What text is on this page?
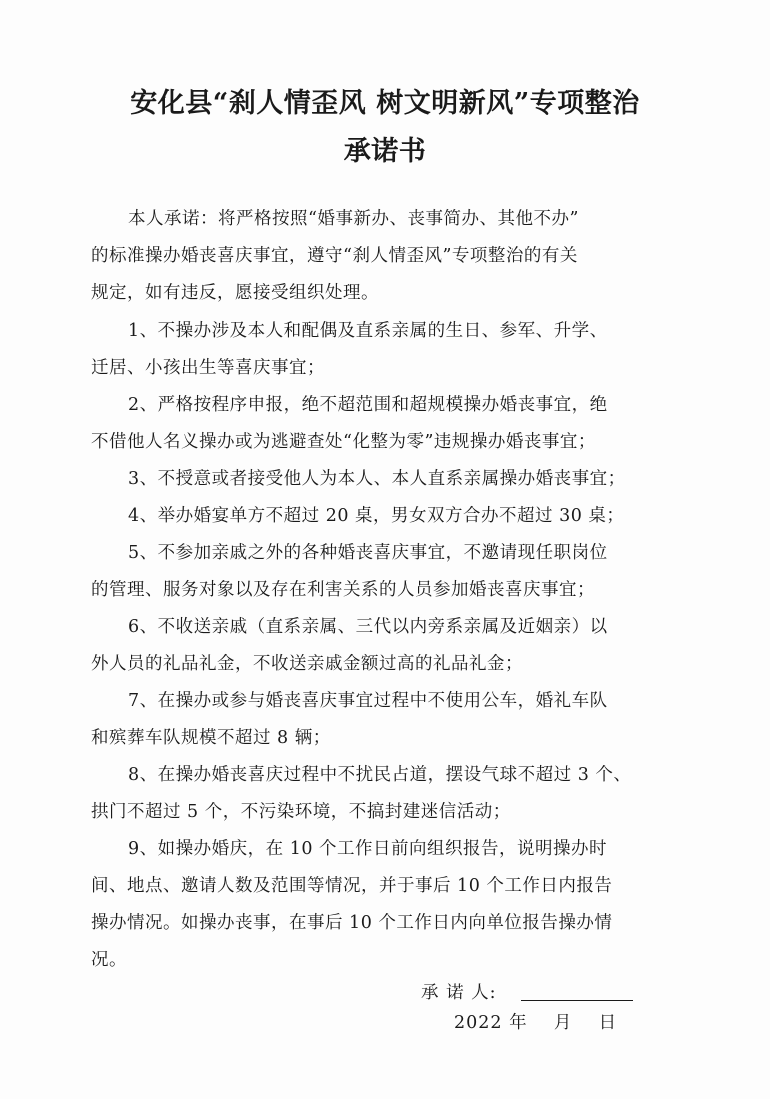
安化县“刹人情歪风 树文明新风”专项整治
承诺书
本人承诺：将严格按照“婚事新办、丧事简办、其他不办”
的标准操办婚丧喜庆事宜，遵守“刹人情歪风”专项整治的有关
规定，如有违反，愿接受组织处理。
1、不操办涉及本人和配偶及直系亲属的生日、参军、升学、
迁居、小孩出生等喜庆事宜；
2、严格按程序申报，绝不超范围和超规模操办婚丧事宜，绝
不借他人名义操办或为逃避查处“化整为零”违规操办婚丧事宜；
3、不授意或者接受他人为本人、本人直系亲属操办婚丧事宜；
4、举办婚宴单方不超过 20 桌，男女双方合办不超过 30 桌；
5、不参加亲戚之外的各种婚丧喜庆事宜，不邀请现任职岗位
的管理、服务对象以及存在利害关系的人员参加婚丧喜庆事宜；
6、不收送亲戚（直系亲属、三代以内旁系亲属及近姻亲）以
外人员的礼品礼金，不收送亲戚金额过高的礼品礼金；
7、在操办或参与婚丧喜庆事宜过程中不使用公车，婚礼车队
和殡葬车队规模不超过 8 辆；
8、在操办婚丧喜庆过程中不扰民占道，摆设气球不超过 3 个、
拱门不超过 5 个，不污染环境，不搞封建迷信活动；
9、如操办婚庆，在 10 个工作日前向组织报告，说明操办时
间、地点、邀请人数及范围等情况，并于事后 10 个工作日内报告
操办情况。如操办丧事，在事后 10 个工作日内向单位报告操办情
况。
承 诺 人:
2022 年    月    日
